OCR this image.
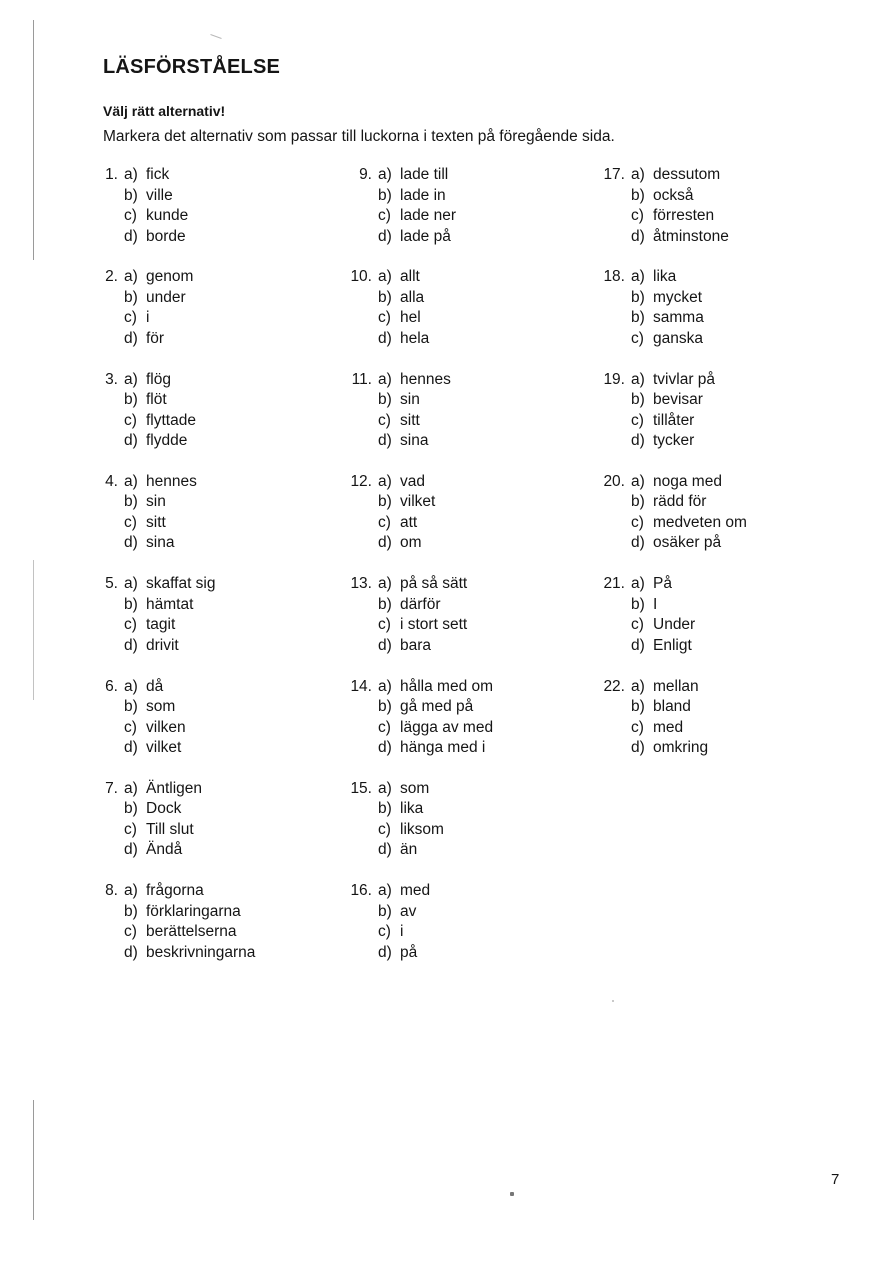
LÄSFÖRSTÅELSE
Välj rätt alternativ!
Markera det alternativ som passar till luckorna i texten på föregående sida.
1. a) fick
b) ville
c) kunde
d) borde
2. a) genom
b) under
c) i
d) för
3. a) flög
b) flöt
c) flyttade
d) flydde
4. a) hennes
b) sin
c) sitt
d) sina
5. a) skaffat sig
b) hämtat
c) tagit
d) drivit
6. a) då
b) som
c) vilken
d) vilket
7. a) Äntligen
b) Dock
c) Till slut
d) Ändå
8. a) frågorna
b) förklaringarna
c) berättelserna
d) beskrivningarna
9. a) lade till
b) lade in
c) lade ner
d) lade på
10. a) allt
b) alla
c) hel
d) hela
11. a) hennes
b) sin
c) sitt
d) sina
12. a) vad
b) vilket
c) att
d) om
13. a) på så sätt
b) därför
c) i stort sett
d) bara
14. a) hålla med om
b) gå med på
c) lägga av med
d) hänga med i
15. a) som
b) lika
c) liksom
d) än
16. a) med
b) av
c) i
d) på
17. a) dessutom
b) också
c) förresten
d) åtminstone
18. a) lika
b) mycket
b) samma
c) ganska
19. a) tvivlar på
b) bevisar
c) tillåter
d) tycker
20. a) noga med
b) rädd för
c) medveten om
d) osäker på
21. a) På
b) I
c) Under
d) Enligt
22. a) mellan
b) bland
c) med
d) omkring
7
